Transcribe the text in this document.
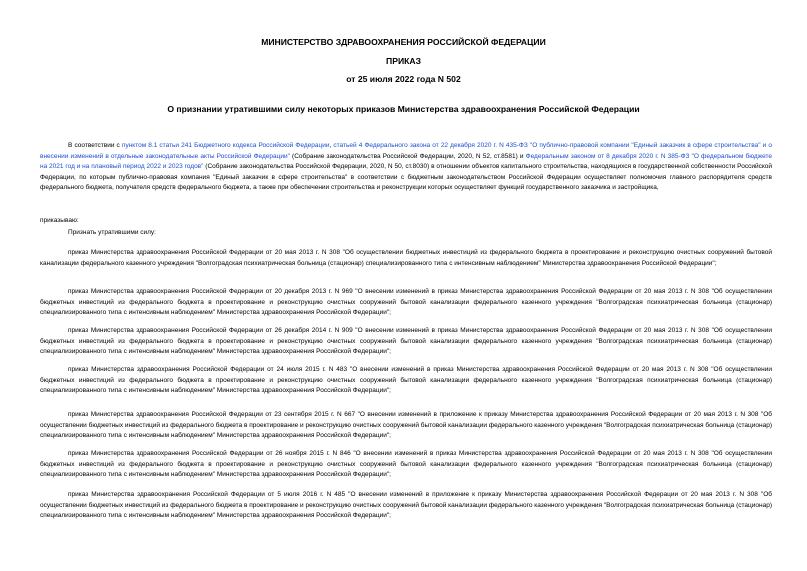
МИНИСТЕРСТВО ЗДРАВООХРАНЕНИЯ РОССИЙСКОЙ ФЕДЕРАЦИИ
ПРИКАЗ
от 25 июля 2022 года N 502
О признании утратившими силу некоторых приказов Министерства здравоохранения Российской Федерации
В соответствии с пунктом 8.1 статьи 241 Бюджетного кодекса Российской Федерации, статьей 4 Федерального закона от 22 декабря 2020 г. N 435-ФЗ "О публично-правовой компании "Единый заказчик в сфере строительства" и о внесении изменений в отдельные законодательные акты Российской Федерации" (Собрание законодательства Российской Федерации, 2020, N 52, ст.8581) и Федеральным законом от 8 декабря 2020 г. N 385-ФЗ "О федеральном бюджете на 2021 год и на плановый период 2022 и 2023 годов" (Собрание законодательства Российской Федерации, 2020, N 50, ст.8030) в отношении объектов капитального строительства, находящихся в государственной собственности Российской Федерации, по которым публично-правовая компания "Единый заказчик в сфере строительства" в соответствии с бюджетным законодательством Российской Федерации осуществляет полномочия главного распорядителя средств федерального бюджета, получателя средств федерального бюджета, а также при обеспечении строительства и реконструкции которых осуществляет функций государственного заказчика и застройщика,
приказываю:
Признать утратившими силу:
приказ Министерства здравоохранения Российской Федерации от 20 мая 2013 г. N 308 "Об осуществлении бюджетных инвестиций из федерального бюджета в проектирование и реконструкцию очистных сооружений бытовой канализации федерального казенного учреждения "Волгоградская психиатрическая больница (стационар) специализированного типа с интенсивным наблюдением" Министерства здравоохранения Российской Федерации";
приказ Министерства здравоохранения Российской Федерации от 20 декабря 2013 г. N 969 "О внесении изменений в приказ Министерства здравоохранения Российской Федерации от 20 мая 2013 г. N 308 "Об осуществлении бюджетных инвестиций из федерального бюджета в проектирование и реконструкцию очистных сооружений бытовой канализации федерального казенного учреждения "Волгоградская психиатрическая больница (стационар) специализированного типа с интенсивным наблюдением" Министерства здравоохранения Российской Федерации";
приказ Министерства здравоохранения Российской Федерации от 26 декабря 2014 г. N 909 "О внесении изменений в приказ Министерства здравоохранения Российской Федерации от 20 мая 2013 г. N 308 "Об осуществлении бюджетных инвестиций из федерального бюджета в проектирование и реконструкцию очистных сооружений бытовой канализации федерального казенного учреждения "Волгоградская психиатрическая больница (стационар) специализированного типа с интенсивным наблюдением" Министерства здравоохранения Российской Федерации";
приказ Министерства здравоохранения Российской Федерации от 24 июля 2015 г. N 483 "О внесении изменений в приказ Министерства здравоохранения Российской Федерации от 20 мая 2013 г. N 308 "Об осуществлении бюджетных инвестиций из федерального бюджета в проектирование и реконструкцию очистных сооружений бытовой канализации федерального казенного учреждения "Волгоградская психиатрическая больница (стационар) специализированного типа с интенсивным наблюдением" Министерства здравоохранения Российской Федерации";
приказ Министерства здравоохранения Российской Федерации от 23 сентября 2015 г. N 667 "О внесении изменений в приложение к приказу Министерства здравоохранения Российской Федерации от 20 мая 2013 г. N 308 "Об осуществлении бюджетных инвестиций из федерального бюджета в проектирование и реконструкцию очистных сооружений бытовой канализации федерального казенного учреждения "Волгоградская психиатрическая больница (стационар) специализированного типа с интенсивным наблюдением" Министерства здравоохранения Российской Федерации";
приказ Министерства здравоохранения Российской Федерации от 26 ноября 2015 г. N 846 "О внесении изменений в приказ Министерства здравоохранения Российской Федерации от 20 мая 2013 г. N 308 "Об осуществлении бюджетных инвестиций из федерального бюджета в проектирование и реконструкцию очистных сооружений бытовой канализации федерального казенного учреждения "Волгоградская психиатрическая больница (стационар) специализированного типа с интенсивным наблюдением" Министерства здравоохранения Российской Федерации";
приказ Министерства здравоохранения Российской Федерации от 5 июля 2016 г. N 485 "О внесении изменений в приложение к приказу Министерства здравоохранения Российской Федерации от 20 мая 2013 г. N 308 "Об осуществлении бюджетных инвестиций из федерального бюджета в проектирование и реконструкцию очистных сооружений бытовой канализации федерального казенного учреждения "Волгоградская психиатрическая больница (стационар) специализированного типа с интенсивным наблюдением" Министерства здравоохранения Российской Федерации";
